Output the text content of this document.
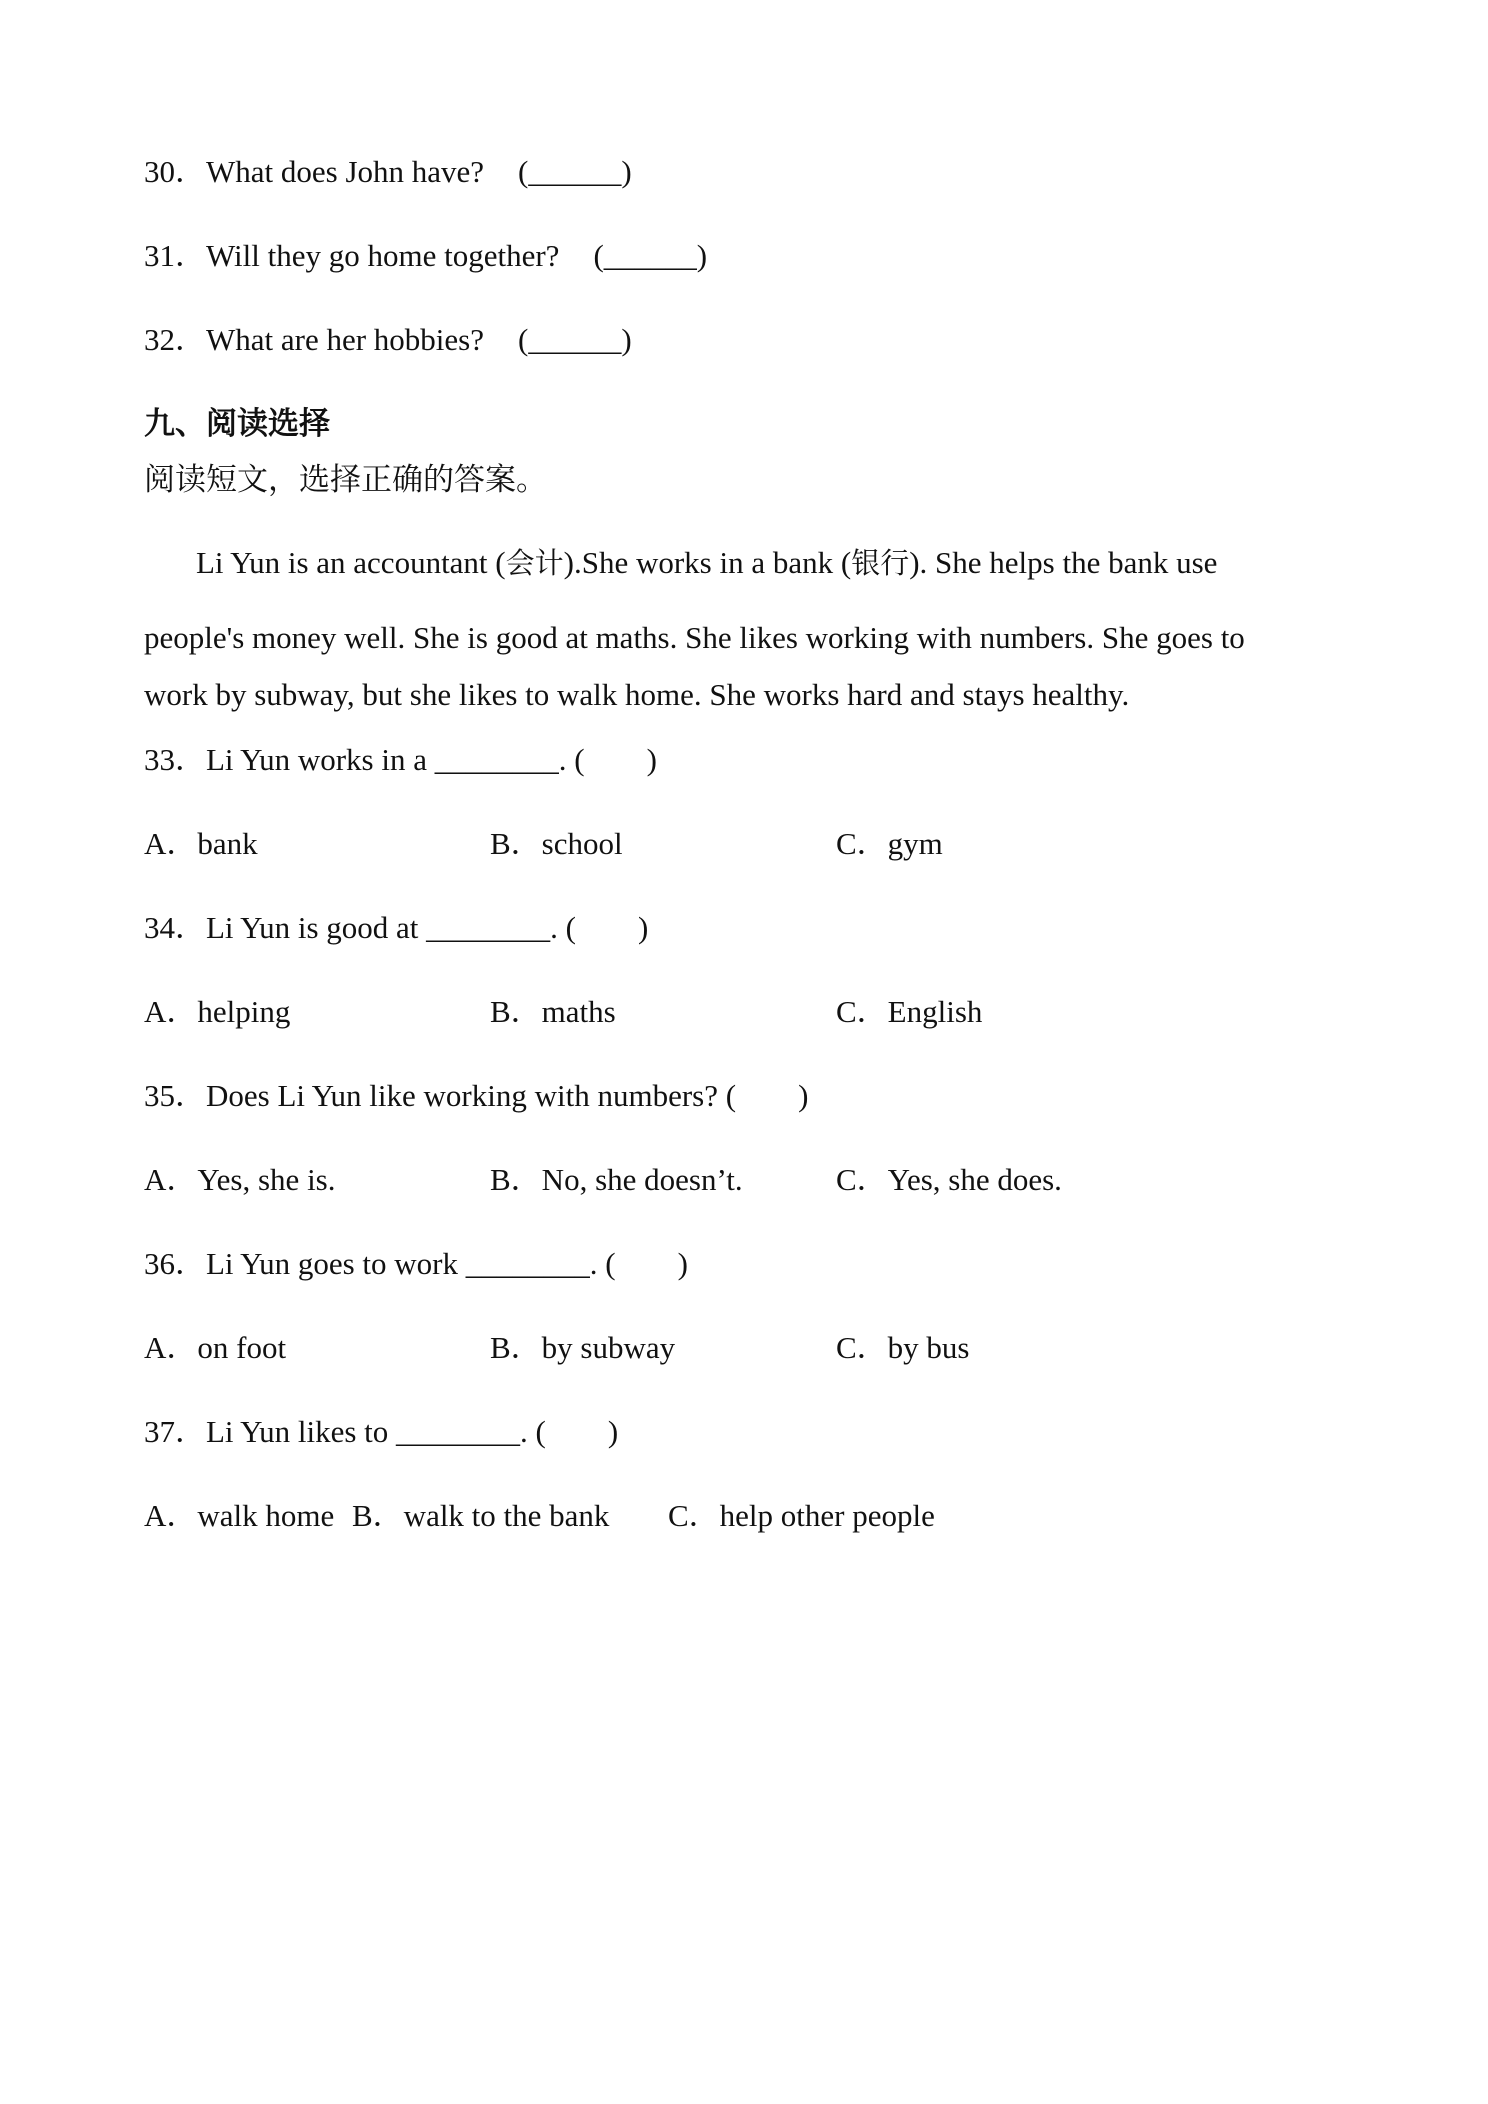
30．What does John have? (______)
31．Will they go home together? (______)
32．What are her hobbies? (______)
九、阅读选择
阅读短文，选择正确的答案。
Li Yun is an accountant (会计).She works in a bank (银行). She helps the bank use
people's money well. She is good at maths. She likes working with numbers. She goes to
work by subway, but she likes to walk home. She works hard and stays healthy.
33．Li Yun works in a ________. (　　)
A．bank	B．school	C．gym
34．Li Yun is good at ________. (　　)
A．helping	B．maths	C．English
35．Does Li Yun like working with numbers? (　　)
A．Yes, she is.	B．No, she doesn’t.	C．Yes, she does.
36．Li Yun goes to work ________. (　　)
A．on foot	B．by subway	C．by bus
37．Li Yun likes to ________. (　　)
A．walk home B．walk to the bank C．help other people
